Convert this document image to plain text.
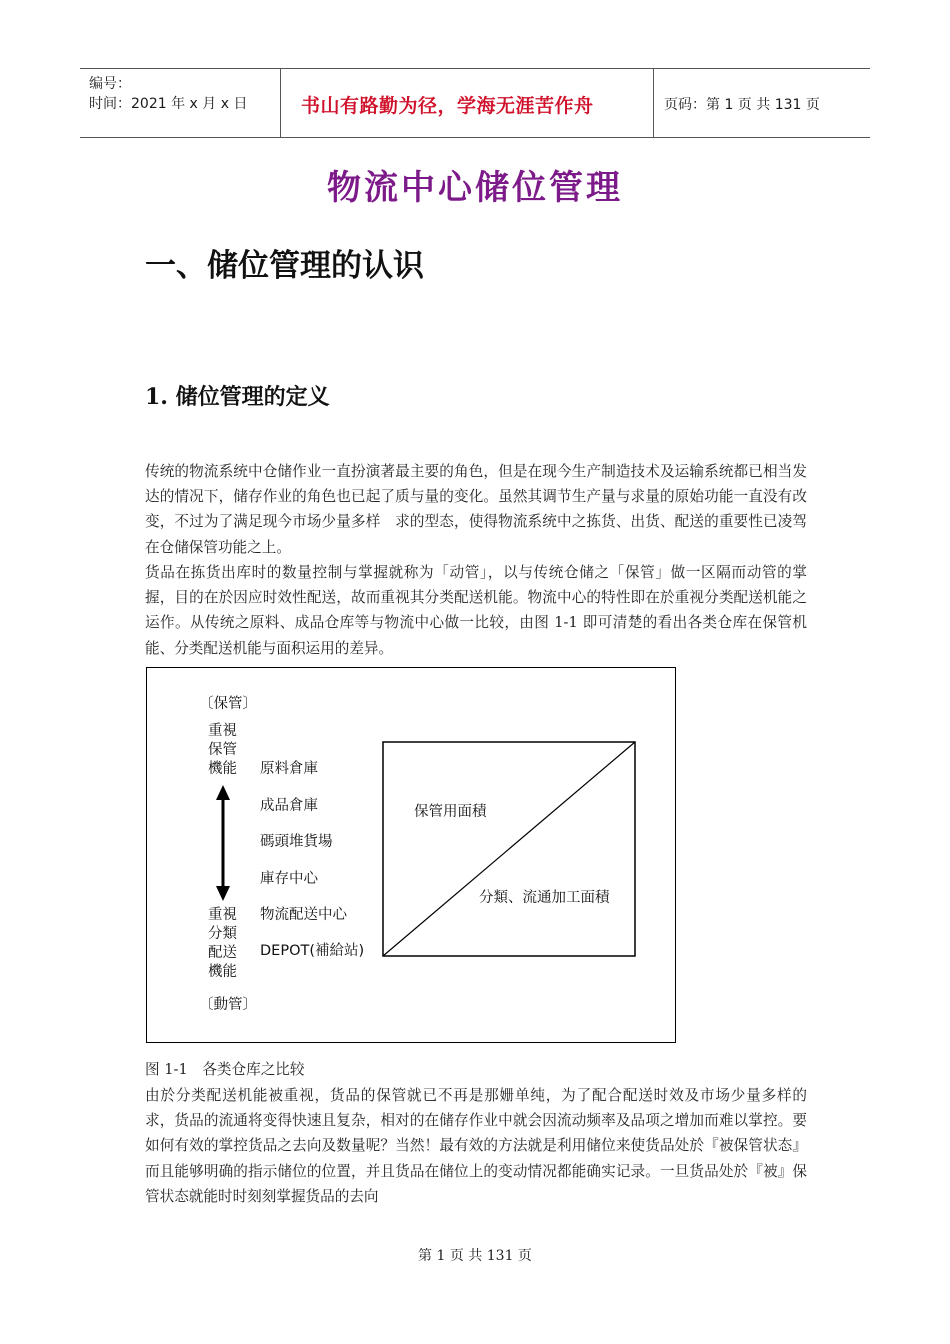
编号：
时间：2021 年 x 月 x 日	书山有路勤为径，学海无涯苦作舟	页码：第 1 页 共 131 页
物流中心储位管理
一、储位管理的认识
1. 储位管理的定义
传统的物流系统中仓储作业一直扮演著最主要的角色，但是在现今生产制造技术及运输系统都已相当发达的情况下，储存作业的角色也已起了质与量的变化。虽然其调节生产量与求量的原始功能一直没有改变，不过为了满足现今市场少量多样　求的型态，使得物流系统中之拣货、出货、配送的重要性已凌驾在仓储保管功能之上。
货品在拣货出库时的数量控制与掌握就称为「动管」，以与传统仓储之「保管」做一区隔而动管的掌握，目的在於因应时效性配送，故而重视其分类配送机能。物流中心的特性即在於重视分类配送机能之运作。从传统之原料、成品仓库等与物流中心做一比较，由图 1-1 即可清楚的看出各类仓库在保管机能、分类配送机能与面积运用的差异。
〔保管〕
重視
保管
機能
重視
分類
配送
機能
〔動管〕
原料倉庫
成品倉庫
碼頭堆貨場
庫存中心
物流配送中心
DEPOT(補給站)
保管用面積
分類、流通加工面積
图 1-1　各类仓库之比较
由於分类配送机能被重视，货品的保管就已不再是那姗单纯，为了配合配送时效及市场少量多样的　求，货品的流通将变得快速且复杂，相对的在储存作业中就会因流动频率及品项之增加而难以掌控。要如何有效的掌控货品之去向及数量呢？当然！最有效的方法就是利用储位来使货品处於『被保管状态』而且能够明确的指示储位的位置，并且货品在储位上的变动情况都能确实记录。一旦货品处於『被』保管状态就能时时刻刻掌握货品的去向
第 1 页 共 131 页
